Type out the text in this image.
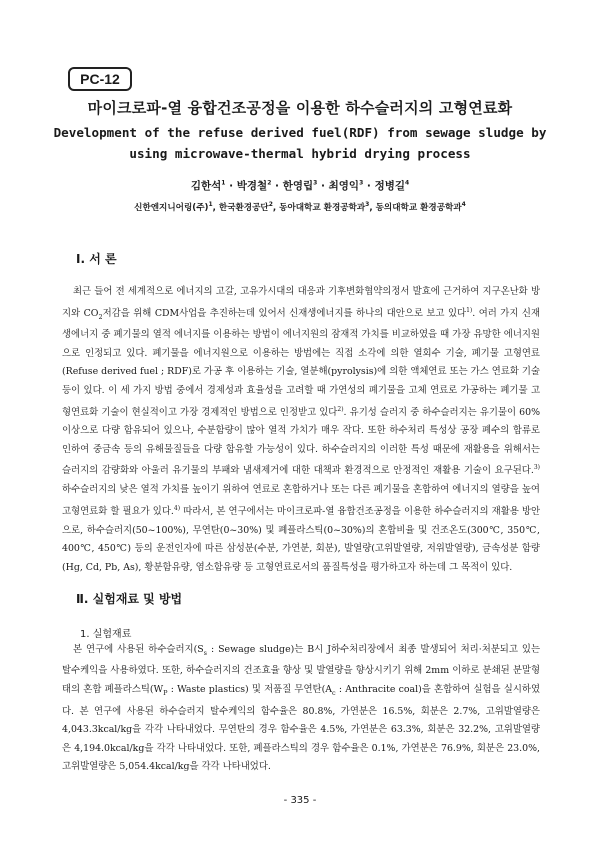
PC-12
마이크로파-열 융합건조공정을 이용한 하수슬러지의 고형연료화
Development of the refuse derived fuel(RDF) from sewage sludge by
using microwave-thermal hybrid drying process
김한석$^1$ · 박경철$^2$ · 한영립$^3$ · 최영익$^3$ · 정병길$^4$
신한엔지니어링(주)$^1$, 한국환경공단$^2$, 동아대학교 환경공학과$^3$, 동의대학교 환경공학과$^4$
Ⅰ. 서 론

최근 들어 전 세계적으로 에너지의 고갈, 고유가시대의 대응과 기후변화협약의정서 발효에 근거하여 지구온난화 방지와 $CO_2$저감을 위해 CDM사업을 추진하는데 있어서 신재생에너지를 하나의 대안으로 보고 있다$^{1)}$. 여러 가지 신재생에너지 중 폐기물의 열적 에너지를 이용하는 방법이 에너지원의 잠재적 가치를 비교하였을 때 가장 유망한 에너지원으로 인정되고 있다. 폐기물을 에너지원으로 이용하는 방법에는 직접 소각에 의한 열회수 기술, 폐기물 고형연료(Refuse derived fuel ; RDF)로 가공 후 이용하는 기술, 열분해(pyrolysis)에 의한 액체연료 또는 가스 연료화 기술 등이 있다. 이 세 가지 방법 중에서 경제성과 효율성을 고려할 때 가연성의 폐기물을 고체 연료로 가공하는 폐기물 고형연료화 기술이 현실적이고 가장 경제적인 방법으로 인정받고 있다$^{2)}$. 유기성 슬러지 중 하수슬러지는 유기물이 60% 이상으로 다량 함유되어 있으나, 수분함량이 많아 열적 가치가 매우 작다. 또한 하수처리 특성상 공장 폐수의 합류로 인하여 중금속 등의 유해물질들을 다량 함유할 가능성이 있다. 하수슬러지의 이러한 특성 때문에 재활용을 위해서는 슬러지의 감량화와 아울러 유기물의 부패와 냄새제거에 대한 대책과 환경적으로 안정적인 재활용 기술이 요구된다.$^{3)}$ 하수슬러지의 낮은 열적 가치를 높이기 위하여 연료로 혼합하거나 또는 다른 폐기물을 혼합하여 에너지의 열량을 높여 고형연료화 할 필요가 있다.$^{4)}$ 따라서, 본 연구에서는 마이크로파-열 융합건조공정을 이용한 하수슬러지의 재활용 방안으로, 하수슬러지(50~100%), 무연탄(0~30%) 및 폐플라스틱(0~30%)의 혼합비율 및 건조온도(300℃, 350℃, 400℃, 450℃) 등의 운전인자에 따른 삼성분(수분, 가연분, 회분), 발열량(고위발열량, 저위발열량), 금속성분 함량(Hg, Cd, Pb, As), 황분함유량, 염소함유량 등 고형연료로서의 품질특성을 평가하고자 하는데 그 목적이 있다.

Ⅱ. 실험재료 및 방법
1. 실험재료

본 연구에 사용된 하수슬러지($S_s$ : Sewage sludge)는 B시 J하수처리장에서 최종 발생되어 처리·처분되고 있는 탈수케익을 사용하였다. 또한, 하수슬러지의 건조효율 향상 및 발열량을 향상시키기 위해 2mm 이하로 분쇄된 분말형태의 혼합 폐플라스틱($W_P$ : Waste plastics) 및 저품질 무연탄($A_c$ : Anthracite coal)을 혼합하여 실험을 실시하였다. 본 연구에 사용된 하수슬러지 탈수케익의 함수율은 80.8%, 가연분은 16.5%, 회분은 2.7%, 고위발열량은 4,043.3kcal/kg을 각각 나타내었다. 무연탄의 경우 함수율은 4.5%, 가연분은 63.3%, 회분은 32.2%, 고위발열량은 4,194.0kcal/kg을 각각 나타내었다. 또한, 폐플라스틱의 경우 함수율은 0.1%, 가연분은 76.9%, 회분은 23.0%, 고위발열량은 5,054.4kcal/kg을 각각 나타내었다.

- 335 -
